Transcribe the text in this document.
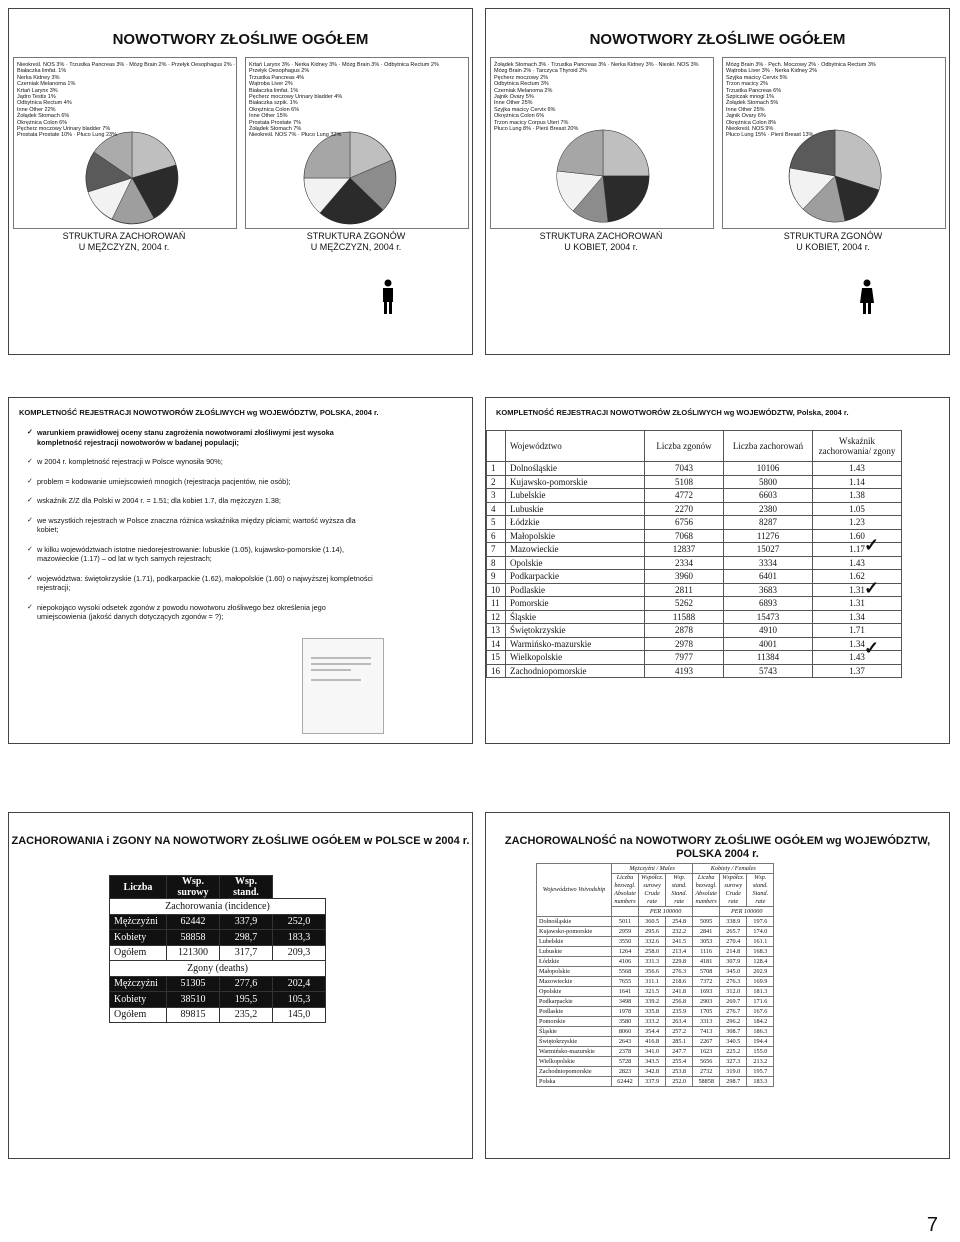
NOWOTWORY ZŁOŚLIWE OGÓŁEM
Nieokreśl. NOS 3% · Trzustka Pancreas 3% · Mózg Brain 2% · Przełyk Oesophagus 2% · Białaczka limfat. 1%
Nerka Kidney 3%
Czerniak Melanoma 1%
Krtań Larynx 3%
Jądro Testis 1%
Odbytnica Rectum 4%
Inne Other 22%
Żołądek Stomach 6%
Okrężnica Colon 6%
Pęcherz moczowy Urinary bladder 7%
Prostata Prostate 10% · Płuco Lung 23%
Krtań Larynx 3% · Nerka Kidney 3% · Mózg Brain 3% · Odbytnica Rectum 2%
Przełyk Oesophagus 2%
Trzustka Pancreas 4%
Wątroba Liver 2%
Białaczka limfat. 1%
Pęcherz moczowy Urinary bladder 4%
Białaczka szpik. 1%
Okrężnica Colon 6%
Inne Other 15%
Prostata Prostate 7%
Żołądek Stomach 7%
Nieokreśl. NOS 7% · Płuco Lung 32%
STRUKTURA ZACHOROWAŃ
U MĘŻCZYZN, 2004 r.
STRUKTURA ZGONÓW
U MĘŻCZYZN, 2004 r.
NOWOTWORY ZŁOŚLIWE OGÓŁEM
Żołądek Stomach 3% · Trzustka Pancreas 3% · Nerka Kidney 3% · Nieokr. NOS 3%
Mózg Brain 2% · Tarczyca Thyroid 2%
Pęcherz moczowy 2%
Odbytnica Rectum 3%
Czerniak Melanoma 2%
Jajnik Ovary 5%
Inne Other 25%
Szyjka macicy Cervix 6%
Okrężnica Colon 6%
Trzon macicy Corpus Uteri 7%
Płuco Lung 8% · Pierś Breast 20%
Mózg Brain 3% · Pęch. Moczowy 2% · Odbytnica Rectum 3%
Wątroba Liver 3% · Nerka Kidney 2%
Szyjka macicy Cervix 5%
Trzon macicy 2%
Trzustka Pancreas 6%
Szpiczak mnogi 1%
Żołądek Stomach 5%
Inne Other 25%
Jajnik Ovary 6%
Okrężnica Colon 8%
Nieokreśl. NOS 9%
Płuco Lung 15% · Pierś Breast 13%
STRUKTURA ZACHOROWAŃ
U KOBIET, 2004 r.
STRUKTURA ZGONÓW
U KOBIET, 2004 r.
KOMPLETNOŚĆ REJESTRACJI NOWOTWORÓW ZŁOŚLIWYCH wg WOJEWÓDZTW, POLSKA, 2004 r.
✓ warunkiem prawidłowej oceny stanu zagrożenia nowotworami złośliwymi jest wysoka kompletność rejestracji nowotworów w badanej populacji;
✓ w 2004 r. kompletność rejestracji w Polsce wynosiła 90%;
✓ problem = kodowanie umiejscowień mnogich (rejestracja pacjentów, nie osób);
✓ wskaźnik Z/Z dla Polski w 2004 r. = 1.51; dla kobiet 1.7, dla mężczyzn 1.38;
✓ we wszystkich rejestrach w Polsce znaczna różnica wskaźnika między płciami; wartość wyższa dla kobiet;
✓ w kilku województwach istotne niedorejestrowanie: lubuskie (1.05), kujawsko-pomorskie (1.14), mazowieckie (1.17) – od lat w tych samych rejestrach;
✓ województwa: świętokrzyskie (1.71), podkarpackie (1.62), małopolskie (1.60) o najwyższej kompletności rejestracji;
✓ niepokojąco wysoki odsetek zgonów z powodu nowotworu złośliwego bez określenia jego umiejscowienia (jakość danych dotyczących zgonów = ?);
KOMPLETNOŚĆ REJESTRACJI NOWOTWORÓW ZŁOŚLIWYCH wg WOJEWÓDZTW, Polska, 2004 r.
	Województwo	Liczba zgonów	Liczba zachorowań	Wskaźnik zachorowania/ zgony
1	Dolnośląskie	7043	10106	1.43
2	Kujawsko-pomorskie	5108	5800	1.14
3	Lubelskie	4772	6603	1.38
4	Lubuskie	2270	2380	1.05
5	Łódzkie	6756	8287	1.23
6	Małopolskie	7068	11276	1.60
7	Mazowieckie	12837	15027	1.17
8	Opolskie	2334	3334	1.43
9	Podkarpackie	3960	6401	1.62
10	Podlaskie	2811	3683	1.31
11	Pomorskie	5262	6893	1.31
12	Śląskie	11588	15473	1.34
13	Świętokrzyskie	2878	4910	1.71
14	Warmińsko-mazurskie	2978	4001	1.34
15	Wielkopolskie	7977	11384	1.43
16	Zachodniopomorskie	4193	5743	1.37
✓
✓
✓
ZACHOROWANIA i ZGONY NA NOWOTWORY ZŁOŚLIWE OGÓŁEM w POLSCE w 2004 r.
Liczba	Wsp. surowy	Wsp. stand.	
Zachorowania (incidence)			
Mężczyźni	62442	337,9	252,0
Kobiety	58858	298,7	183,3
Ogółem	121300	317,7	209,3
Zgony (deaths)			
Mężczyźni	51305	277,6	202,4
Kobiety	38510	195,5	105,3
Ogółem	89815	235,2	145,0
ZACHOROWALNOŚĆ na NOWOTWORY ZŁOŚLIWE OGÓŁEM wg WOJEWÓDZTW, POLSKA 2004 r.
Województwo Voivodship	Mężczyźni / Males			Kobiety / Females		
	Liczba bezwzgl. Absolute numbers	Współcz. surowy Crude rate	Wsp. stand. Stand. rate	Liczba bezwzgl. Absolute numbers	Współcz. surowy Crude rate	Wsp. stand. Stand. rate
		PER 100000			PER 100000	
Dolnośląskie	5011	360.5	254.8	5095	338.9	197.6
Kujawsko-pomorskie	2959	295.6	232.2	2841	265.7	174.0
Lubelskie	3550	332.6	241.5	3053	270.4	161.1
Lubuskie	1264	258.0	213.4	1116	214.8	168.3
Łódzkie	4106	331.3	229.8	4181	307.9	128.4
Małopolskie	5568	356.6	276.3	5708	345.0	202.9
Mazowieckie	7655	311.1	218.6	7372	276.3	169.9
Opolskie	1641	321.5	241.8	1693	312.0	181.3
Podkarpackie	3498	339.2	256.8	2903	269.7	171.6
Podlaskie	1978	335.8	235.9	1705	276.7	167.6
Pomorskie	3580	333.2	263.4	3313	296.2	184.2
Śląskie	8060	354.4	257.2	7413	308.7	186.3
Świętokrzyskie	2643	416.8	285.1	2267	340.5	194.4
Warmińsko-mazurskie	2378	341.0	247.7	1623	225.2	155.0
Wielkopolskie	5728	343.5	255.4	5656	327.3	213.2
Zachodniopomorskie	2823	342.8	253.8	2732	319.0	195.7
Polska	62442	337.9	252.0	58858	298.7	183.3
7
